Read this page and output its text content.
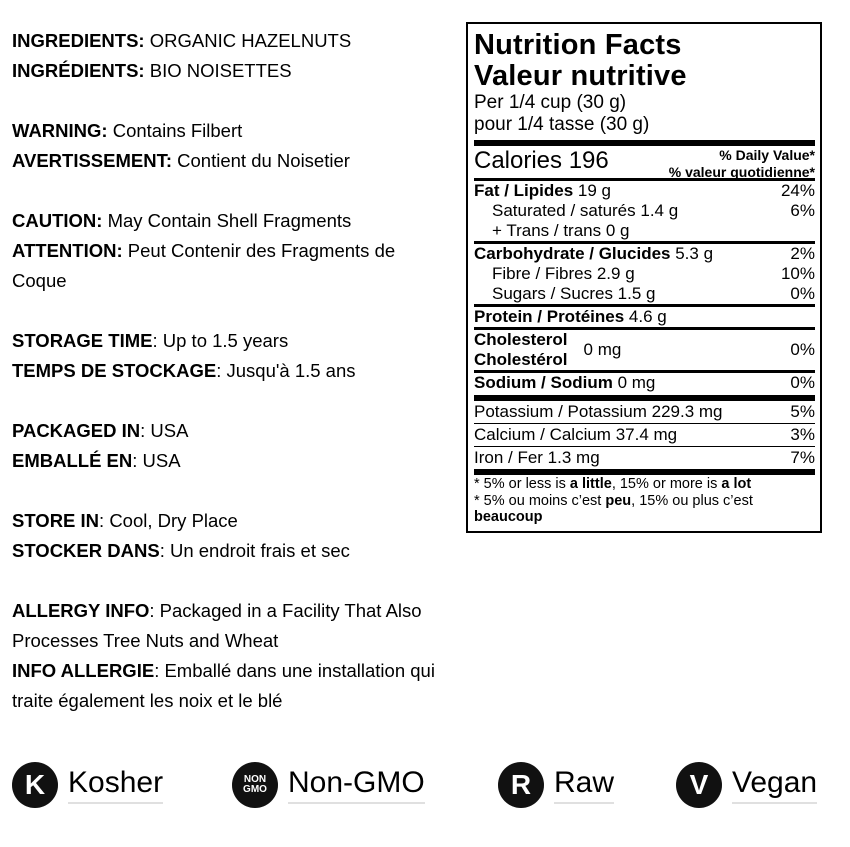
INGREDIENTS: ORGANIC HAZELNUTS
INGRÉDIENTS: BIO NOISETTES
WARNING: Contains Filbert
AVERTISSEMENT: Contient du Noisetier
CAUTION: May Contain Shell Fragments
ATTENTION: Peut Contenir des Fragments de Coque
STORAGE TIME: Up to 1.5 years
TEMPS DE STOCKAGE: Jusqu'à 1.5 ans
PACKAGED IN: USA
EMBALLÉ EN: USA
STORE IN: Cool, Dry Place
STOCKER DANS: Un endroit frais et sec
ALLERGY INFO: Packaged in a Facility That Also Processes Tree Nuts and Wheat
INFO ALLERGIE: Emballé dans une installation qui traite également les noix et le blé
Nutrition Facts
Valeur nutritive
Per 1/4 cup (30 g)
pour 1/4 tasse (30 g)
Calories 196	% Daily Value*
% valeur quotidienne*
Fat / Lipides 19 g	24%
Saturated / saturés 1.4 g	6%
+ Trans / trans 0 g
Carbohydrate / Glucides 5.3 g	2%
Fibre / Fibres 2.9 g	10%
Sugars / Sucres 1.5 g	0%
Protein / Protéines 4.6 g
Cholesterol
Cholestérol
0 mg	0%
Sodium / Sodium 0 mg	0%
Potassium / Potassium 229.3 mg	5%
Calcium / Calcium 37.4 mg	3%
Iron / Fer 1.3 mg	7%
* 5% or less is a little, 15% or more is a lot
* 5% ou moins c’est peu, 15% ou plus c’est beaucoup
K Kosher	NON
GMO Non-GMO	R Raw	V Vegan
